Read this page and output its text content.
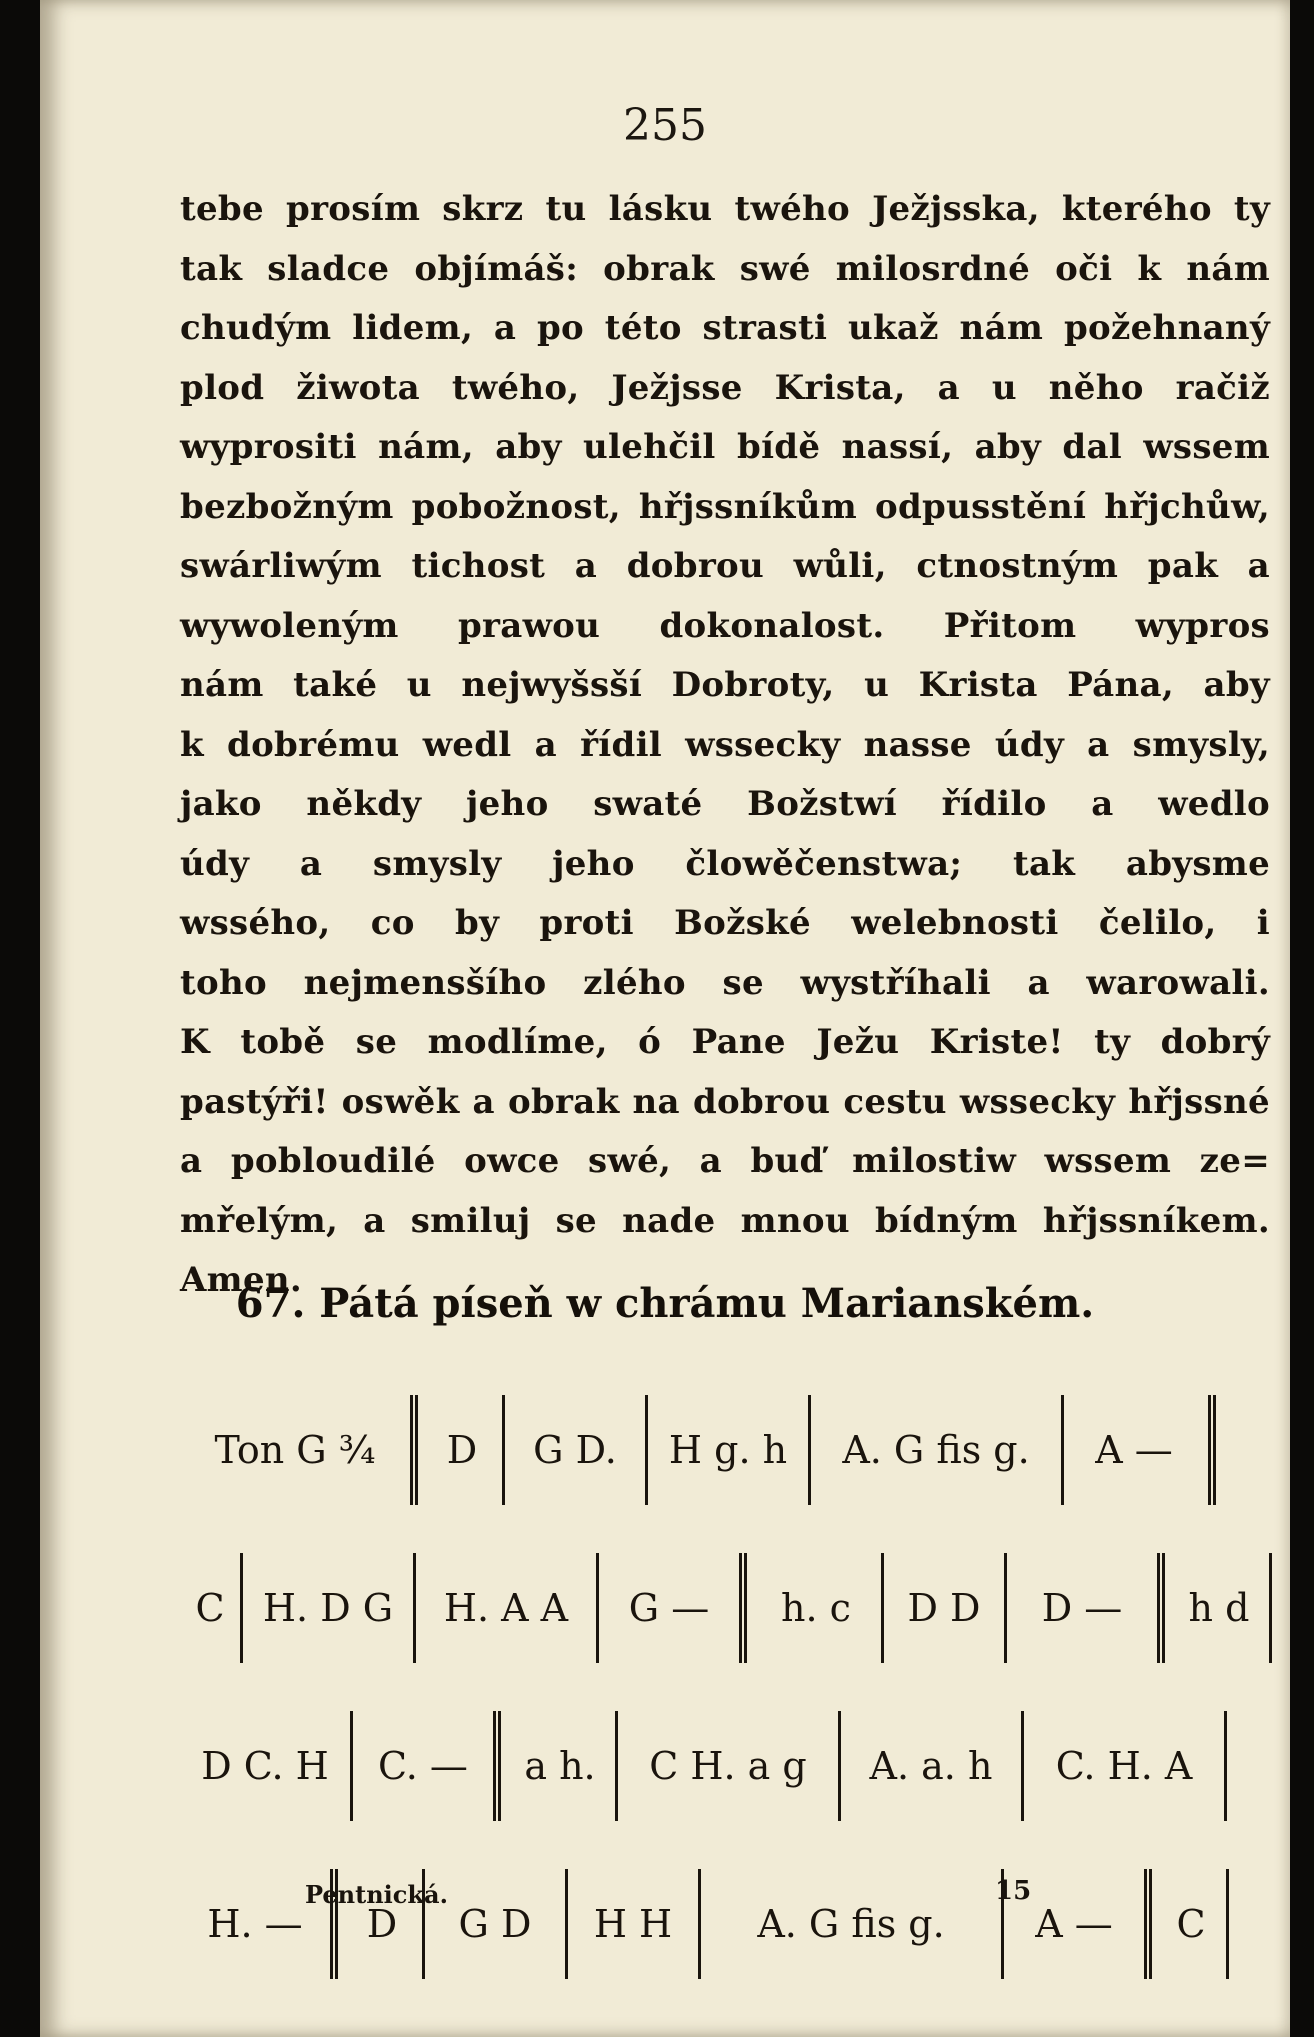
255
tebe prosím skrz tu lásku twého Ježjsska, kterého ty
tak sladce objímáš: obrak swé milosrdné oči k nám
chudým lidem, a po této strasti ukaž nám požehnaný
plod žiwota twého, Ježjsse Krista, a u něho račiž
wyprositi nám, aby ulehčil bídě nassí, aby dal wssem
bezbožným pobožnost, hřjssníkům odpusstění hřjchůw,
swárliwým tichost a dobrou wůli, ctnostným pak a
wywoleným prawou dokonalost. Přitom wypros
nám také u nejwyšsší Dobroty, u Krista Pána, aby
k dobrému wedl a řídil wssecky nasse údy a smysly,
jako někdy jeho swaté Božstwí řídilo a wedlo
údy a smysly jeho člowěčenstwa; tak abysme
wssého, co by proti Božské welebnosti čelilo, i
toho nejmensšího zlého se wystříhali a warowali.
K tobě se modlíme, ó Pane Ježu Kriste! ty dobrý
pastýři! oswěk a obrak na dobrou cestu wssecky hřjssné
a pobloudilé owce swé, a buď milostiw wssem ze=
mřelým, a smiluj se nade mnou bídným hřjssníkem.
Amen.
67. Pátá píseň w chrámu Marianském.
Ton G ³⁄₄	D	G D.	H g. h	A. G fis g.	A —
C	H. D G	H. A A	G —	h. c	D D	D —	h d
D C. H	C. —	a h.	C H. a g	A. a. h	C. H. A
H. —	D	G D	H H	A. G fis g.	A —	C
Pentnická.	15
